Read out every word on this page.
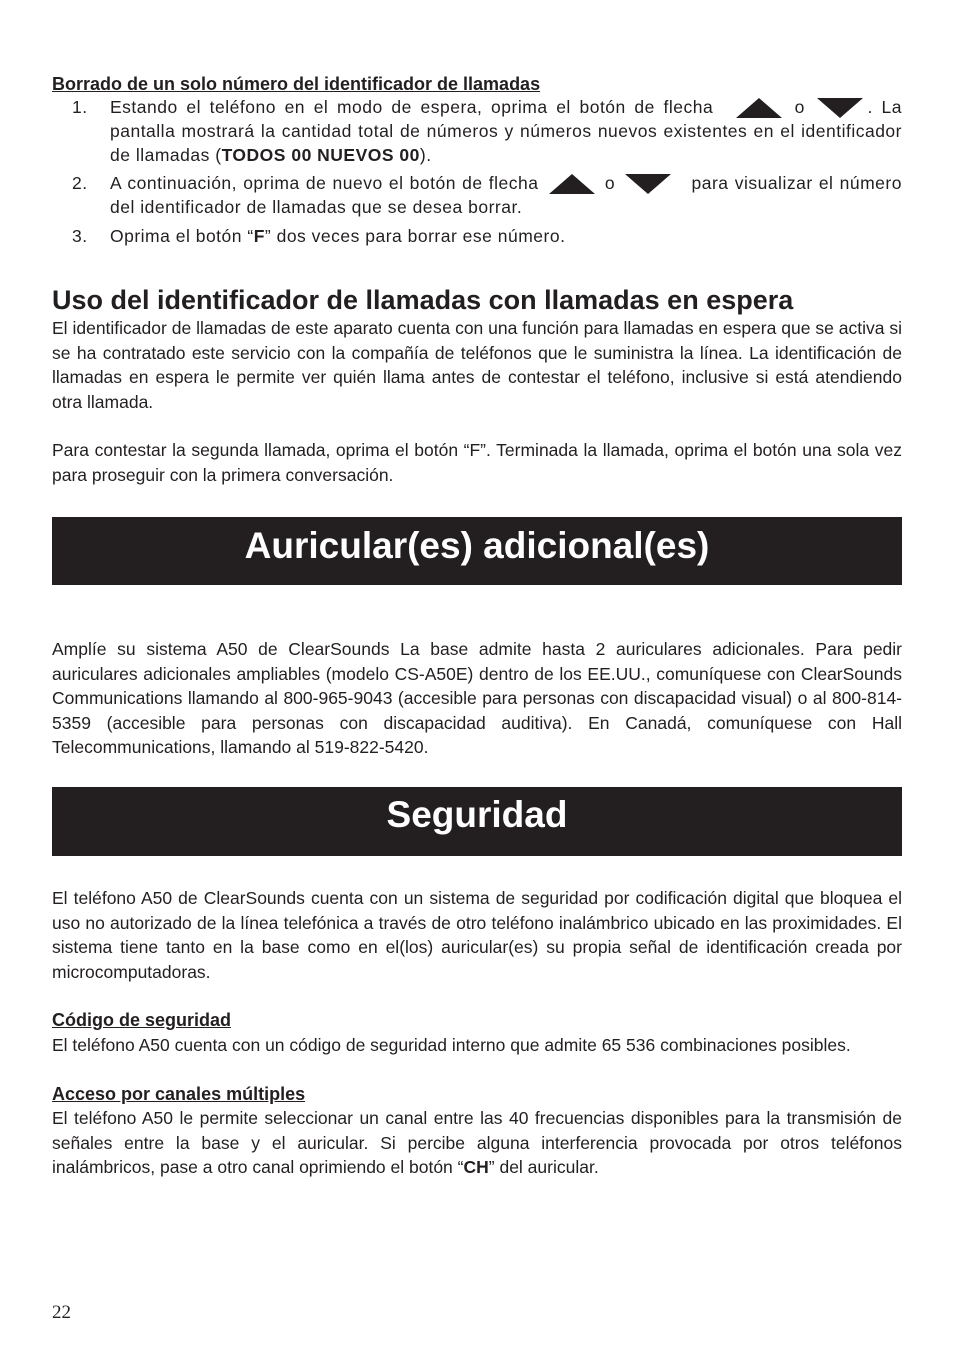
Borrado de un solo número del identificador de llamadas

1. Estando el teléfono en el modo de espera, oprima el botón de flecha	o	. La pantalla mostrará la cantidad total de números y números nuevos existentes en el identificador de llamadas (TODOS 00 NUEVOS 00).
2. A continuación, oprima de nuevo el botón de flecha	o	para visualizar el número del identificador de llamadas que se desea borrar.
3. Oprima el botón “F” dos veces para borrar ese número.
Uso del identificador de llamadas con llamadas en espera

El identificador de llamadas de este aparato cuenta con una función para llamadas en espera que se activa si se ha contratado este servicio con la compañía de teléfonos que le suministra la línea. La identificación de llamadas en espera le permite ver quién llama antes de contestar el teléfono, inclusive si está atendiendo otra llamada.

Para contestar la segunda llamada, oprima el botón “F”. Terminada la llamada, oprima el botón una sola vez para proseguir con la primera conversación.

Auricular(es) adicional(es)

Amplíe su sistema A50 de ClearSounds La base admite hasta 2 auriculares adicionales. Para pedir auriculares adicionales ampliables (modelo CS-A50E) dentro de los EE.UU., comuníquese con ClearSounds Communications llamando al 800-965-9043 (accesible para personas con discapacidad visual) o al 800-814-5359 (accesible para personas con discapacidad auditiva). En Canadá, comuníquese con Hall Telecommunications, llamando al 519-822-5420.

Seguridad

El teléfono A50 de ClearSounds cuenta con un sistema de seguridad por codificación digital que bloquea el uso no autorizado de la línea telefónica a través de otro teléfono inalámbrico ubicado en las proximidades. El sistema tiene tanto en la base como en el(los) auricular(es) su propia señal de identificación creada por microcomputadoras.

Código de seguridad

El teléfono A50 cuenta con un código de seguridad interno que admite 65 536 combinaciones posibles.

Acceso por canales múltiples

El teléfono A50 le permite seleccionar un canal entre las 40 frecuencias disponibles para la transmisión de señales entre la base y el auricular. Si percibe alguna interferencia provocada por otros teléfonos inalámbricos, pase a otro canal oprimiendo el botón “CH” del auricular.

22
